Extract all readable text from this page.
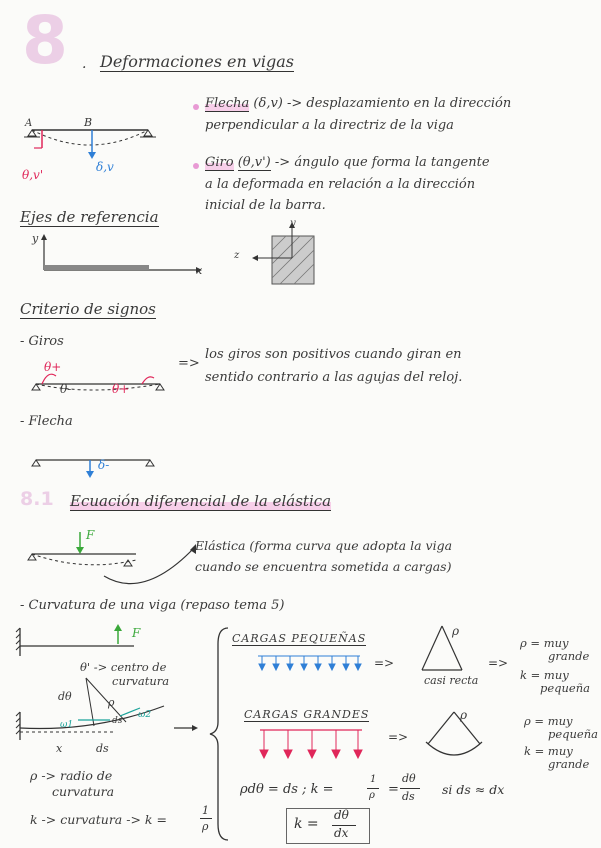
8 . Deformaciones en vigas
A	B
θ,v'
δ,v
Flecha (δ,v) -> desplazamiento en la dirección
perpendicular a la directriz de la viga
Giro (θ,v') -> ángulo que forma la tangente
a la deformada en relación a la dirección
inicial de la barra.
Ejes de referencia
y
x
y
z
Criterio de signos
- Giros
θ+
θ-	θ+
=>
los giros son positivos cuando giran en
sentido contrario a las agujas del reloj.
- Flecha
δ-
8.1 Ecuación diferencial de la elástica
F
Elástica (forma curva que adopta la viga
cuando se encuentra sometida a cargas)
- Curvatura de una viga (repaso tema 5)
F
θ' -> centro de
curvatura
dθ	ρ
ω1
ω2
ds
x	ds
ρ -> radio de
curvatura
k -> curvatura -> k =
1
ρ
CARGAS PEQUEÑAS
=>
ρ
casi recta
=>
ρ = muy
grande
k = muy
pequeña
CARGAS GRANDES
=>
ρ	ρ = muy
pequeña
k = muy
grande
ρdθ = ds ; k =
1
ρ =
dθ
ds si ds ≈ dx
k =
dθ
dx
